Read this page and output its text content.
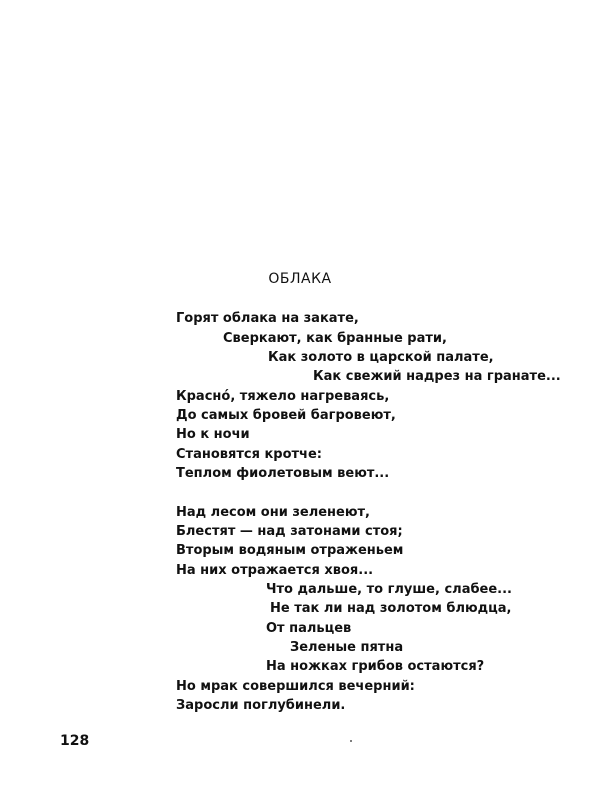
ОБЛАКА
Горят облака на закате,
Сверкают, как бранные рати,
Как золото в царской палате,
Как свежий надрез на гранате...
Красно́, тяжело нагреваясь,
До самых бровей багровеют,
Но к ночи
Становятся кротче:
Теплом фиолетовым веют...
Над лесом они зеленеют,
Блестят — над затонами стоя;
Вторым водяным отраженьем
На них отражается хвоя...
Что дальше, то глуше, слабее...
Не так ли над золотом блюдца,
От пальцев
Зеленые пятна
На ножках грибов остаются?
Но мрак совершился вечерний:
Заросли поглубинели.
128
